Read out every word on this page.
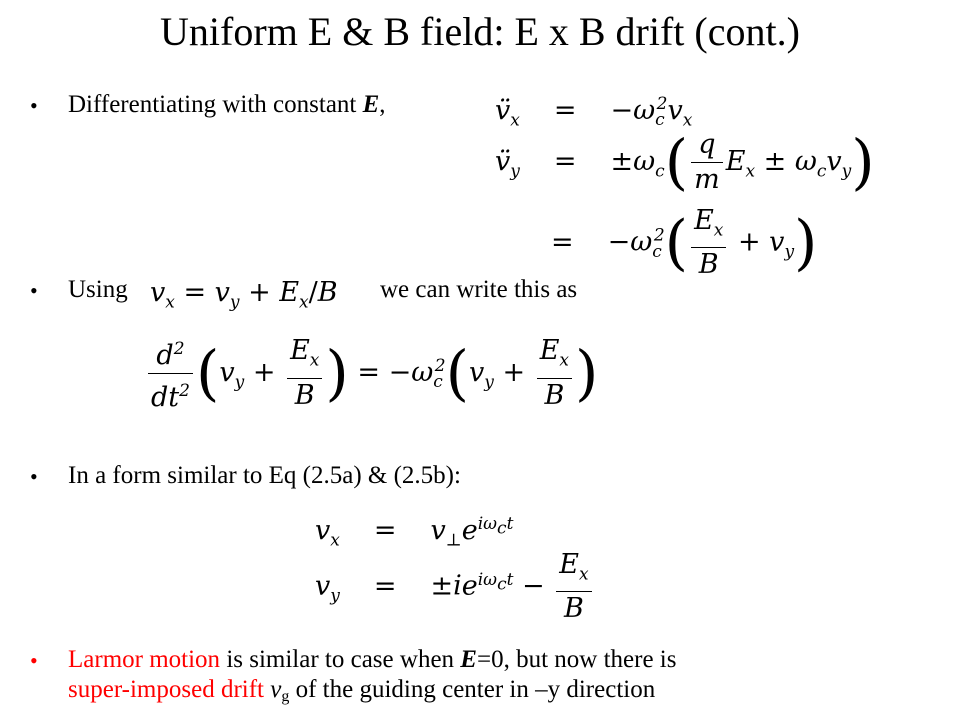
Uniform E & B field: E x B drift (cont.)
• Differentiating with constant E,	$v̈_x = -\omega_c^2v_x$
$v̈_y = \pm\omega_c( \frac{q}{m} E_x \pm \omega_cv_y)$
= $-\omega_c^2( \frac{E_x}{B} + v_y)$
• Using $v_x = v_y + E_x/B$ we can write this as
$\frac{d^2}{dt^2} (v_y + \frac{E_x}{B}$ ) = $-\omega_c^2(v_y + \frac{E_x}{B}$ )
• In a form similar to Eq (2.5a) & (2.5b):
$v_x = v_\perp e^{i\omega_ct}$
$v_y = \pm ie^{i\omega_ct} - \frac{E_x}{B}$
• Larmor motion is similar to case when E=0, but now there is
super-imposed drift vg of the guiding center in –y direction
